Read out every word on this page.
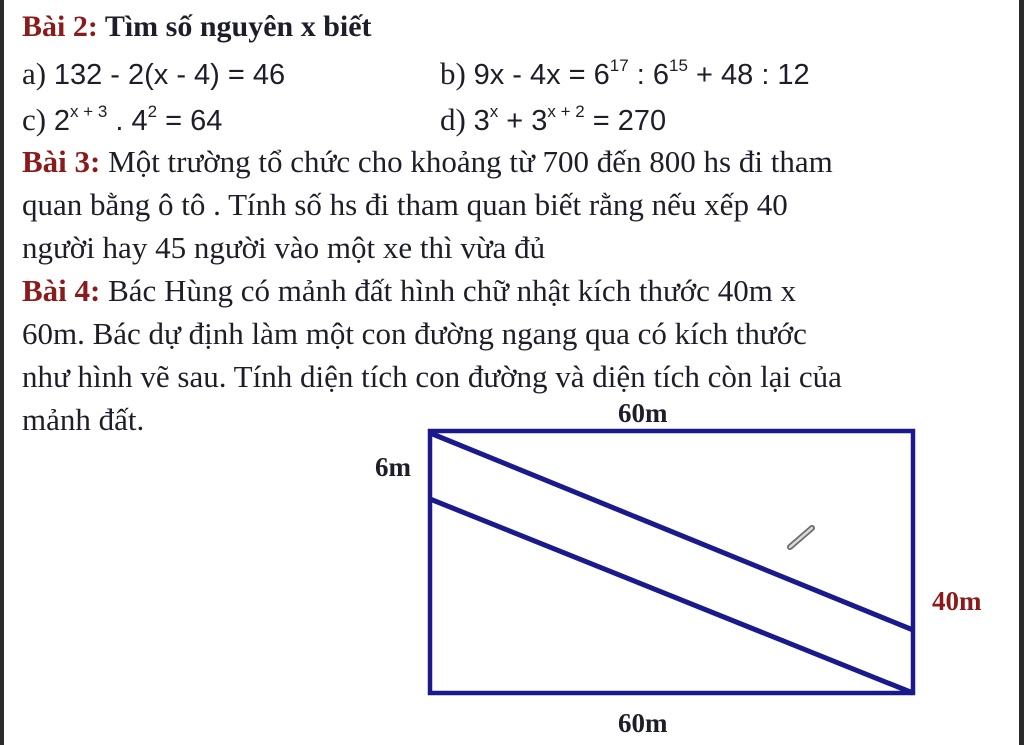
Bài 2: Tìm số nguyên x biết
a) 132 - 2(x - 4) = 46	b) $9x - 4x = 6^{17}$ : $6^{15} + 48$ : 12
c) $2^{x + 3}$ . $4^2 = 64$	d) $3^x + 3^{x + 2} = 270$
Bài 3: Một trường tổ chức cho khoảng từ 700 đến 800 hs đi tham
quan bằng ô tô . Tính số hs đi tham quan biết rằng nếu xếp 40
người hay 45 người vào một xe thì vừa đủ
Bài 4: Bác Hùng có mảnh đất hình chữ nhật kích thước 40m x
60m. Bác dự định làm một con đường ngang qua có kích thước
như hình vẽ sau. Tính diện tích con đường và diện tích còn lại của
mảnh đất.	60m
6m
40m
60m
